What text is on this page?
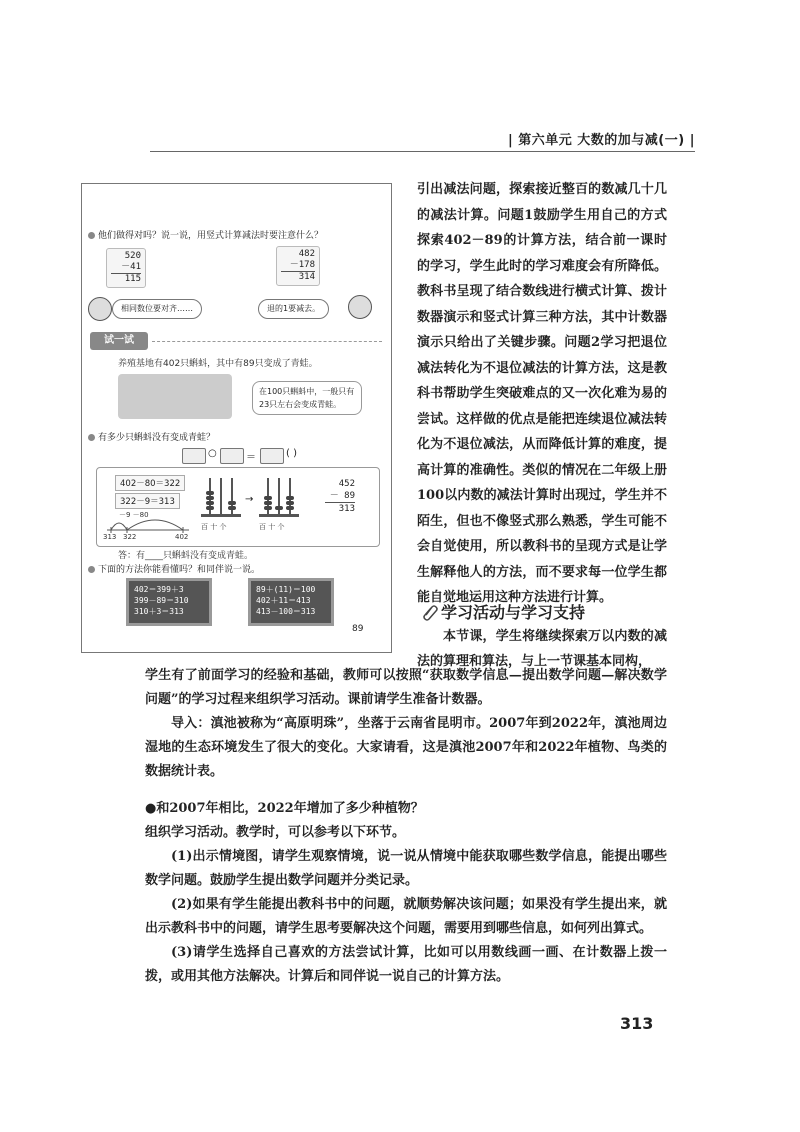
| 第六单元 大数的加与减(一) |
他们做得对吗？说一说，用竖式计算减法时要注意什么？
520
－41
115
482
－178
314
相同数位要对齐……	退的1要减去。
试一试
养殖基地有402只蝌蚪，其中有89只变成了青蛙。
在100只蝌蚪中，一般只有23只左右会变成青蛙。
有多少只蝌蚪没有变成青蛙？
○	＝	( )
402－80＝322
322－9＝313
－9 －80
313 322	402
百 十 个
→
百 十 个
452
－ 89
313
答：有____只蝌蚪没有变成青蛙。
下面的方法你能看懂吗？和同伴说一说。
402＝399＋3
399－89＝310
310＋3＝313
89＋(11)＝100
402＋11＝413
413－100＝313
89

引出减法问题，探索接近整百的数减几十几的减法计算。问题1鼓励学生用自己的方式探索402－89的计算方法，结合前一课时的学习，学生此时的学习难度会有所降低。教科书呈现了结合数线进行横式计算、拨计数器演示和竖式计算三种方法，其中计数器演示只给出了关键步骤。问题2学习把退位减法转化为不退位减法的计算方法，这是教科书帮助学生突破难点的又一次化难为易的尝试。这样做的优点是能把连续退位减法转化为不退位减法，从而降低计算的难度，提高计算的准确性。类似的情况在二年级上册100以内数的减法计算时出现过，学生并不陌生，但也不像竖式那么熟悉，学生可能不会自觉使用，所以教科书的呈现方式是让学生解释他人的方法，而不要求每一位学生都能自觉地运用这种方法进行计算。

学习活动与学习支持

本节课，学生将继续探索万以内数的减法的算理和算法，与上一节课基本同构，

学生有了前面学习的经验和基础，教师可以按照“获取数学信息—提出数学问题—解决数学问题”的学习过程来组织学习活动。课前请学生准备计数器。

导入：滇池被称为“高原明珠”，坐落于云南省昆明市。2007年到2022年，滇池周边湿地的生态环境发生了很大的变化。大家请看，这是滇池2007年和2022年植物、鸟类的数据统计表。

●和2007年相比，2022年增加了多少种植物？

组织学习活动。教学时，可以参考以下环节。

(1)出示情境图，请学生观察情境，说一说从情境中能获取哪些数学信息，能提出哪些数学问题。鼓励学生提出数学问题并分类记录。

(2)如果有学生能提出教科书中的问题，就顺势解决该问题；如果没有学生提出来，就出示教科书中的问题，请学生思考要解决这个问题，需要用到哪些信息，如何列出算式。

(3)请学生选择自己喜欢的方法尝试计算，比如可以用数线画一画、在计数器上拨一拨，或用其他方法解决。计算后和同伴说一说自己的计算方法。

313
